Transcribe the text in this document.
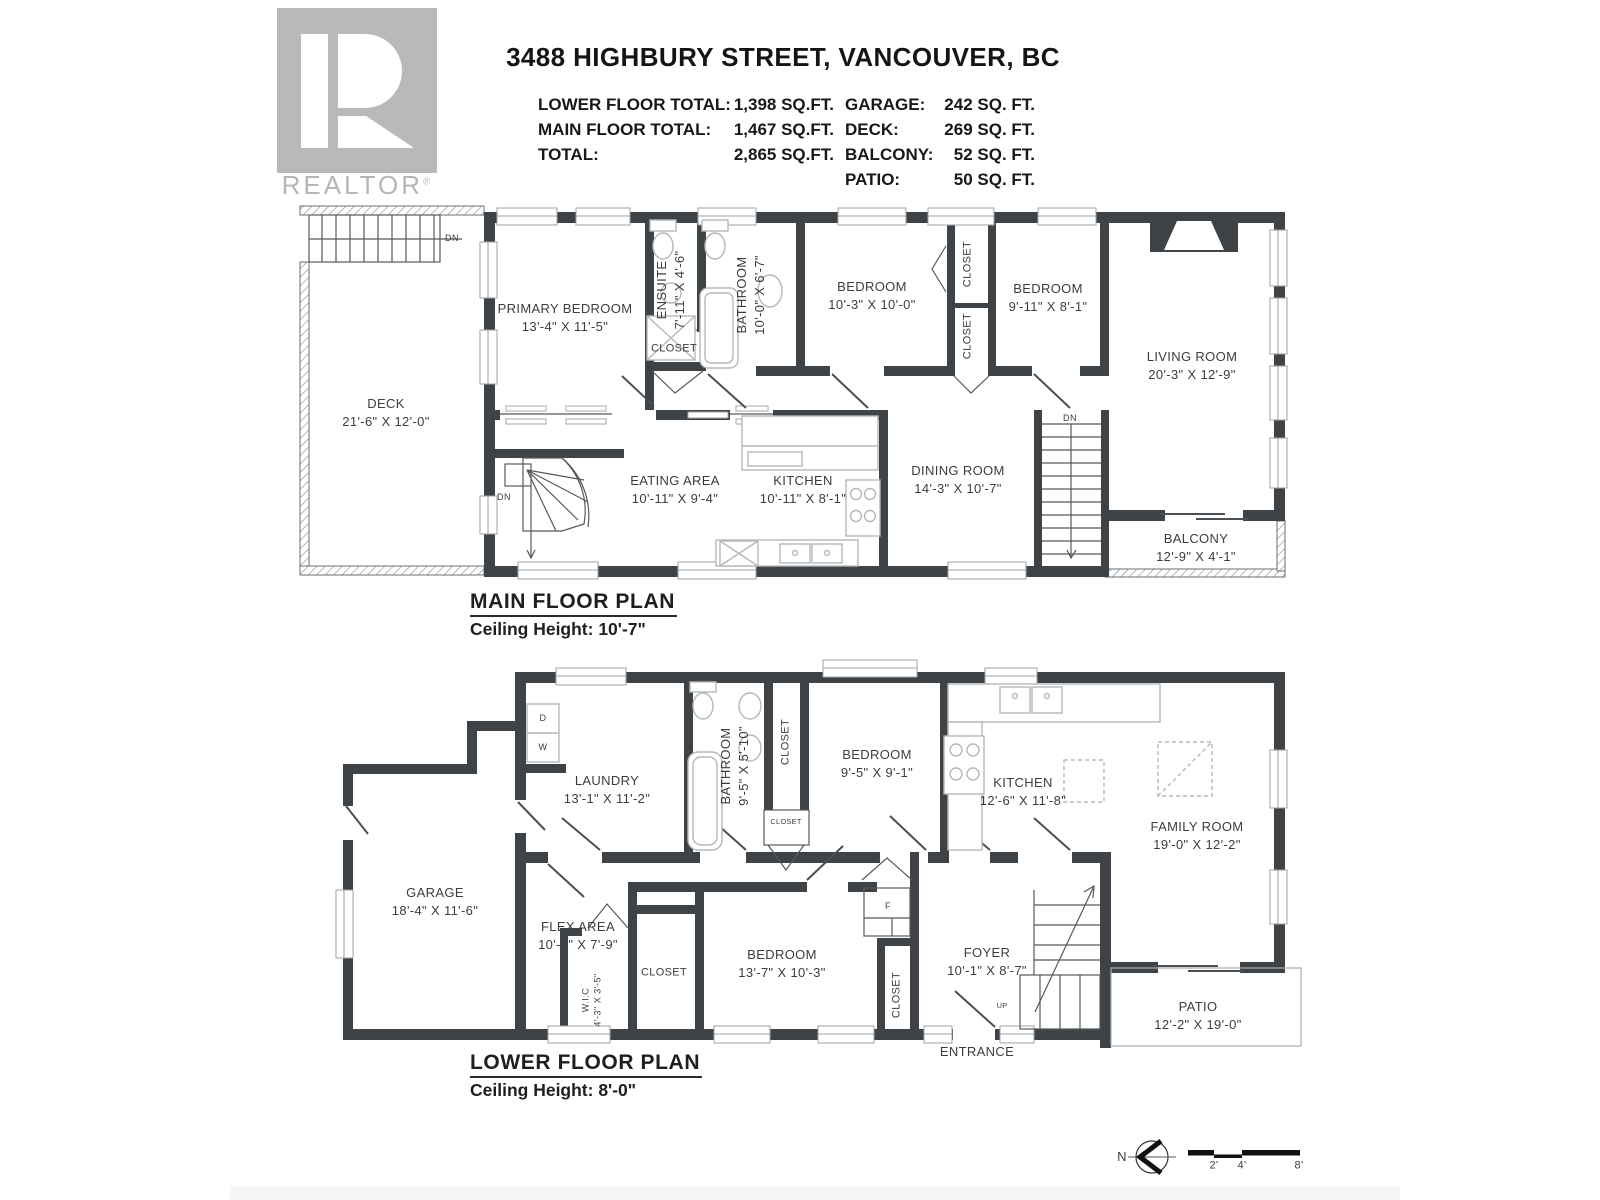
REALTOR®
3488 HIGHBURY STREET, VANCOUVER, BC
LOWER FLOOR TOTAL: 1,398 SQ.FT.
MAIN FLOOR TOTAL: 1,467 SQ.FT.
TOTAL:	2,865 SQ.FT.
GARAGE: 242 SQ. FT.
DECK:	269 SQ. FT.
BALCONY: 52 SQ. FT.
PATIO:	50 SQ. FT.
DECK
21'-6" X 12'-0"
DN
PRIMARY BEDROOM
13'-4" X 11'-5"
ENSUITE 7'-11" X 4'-6"
CLOSET
BATHROOM 10'-0" X 6'-7"	BEDROOM
10'-3" X 10'-0"
CLOSET
CLOSET
BEDROOM
9'-11" X 8'-1"
LIVING ROOM
20'-3" X 12'-9"
EATING AREA
10'-11" X 9'-4"
KITCHEN
10'-11" X 8'-1"
DINING ROOM
14'-3" X 10'-7"
DN
DN
BALCONY
12'-9" X 4'-1"
MAIN FLOOR PLAN
Ceiling Height: 10'-7"
LAUNDRY
13'-1" X 11'-2"
D
W	BATHROOM 9'-5" X 5'-10"	CLOSET
CLOSET
BEDROOM
9'-5" X 9'-1"
KITCHEN
12'-6" X 11'-8"
FAMILY ROOM
19'-0" X 12'-2"
GARAGE
18'-4" X 11'-6"
FLEX AREA
10'-1" X 7'-9"
W.I.C 4'-3" X 3'-5"
CLOSET
BEDROOM
13'-7" X 10'-3"
F
CLOSET
FOYER
10'-1" X 8'-7"
UP
ENTRANCE
PATIO
12'-2" X 19'-0"
LOWER FLOOR PLAN
Ceiling Height: 8'-0"
N
2' 4'	8'
